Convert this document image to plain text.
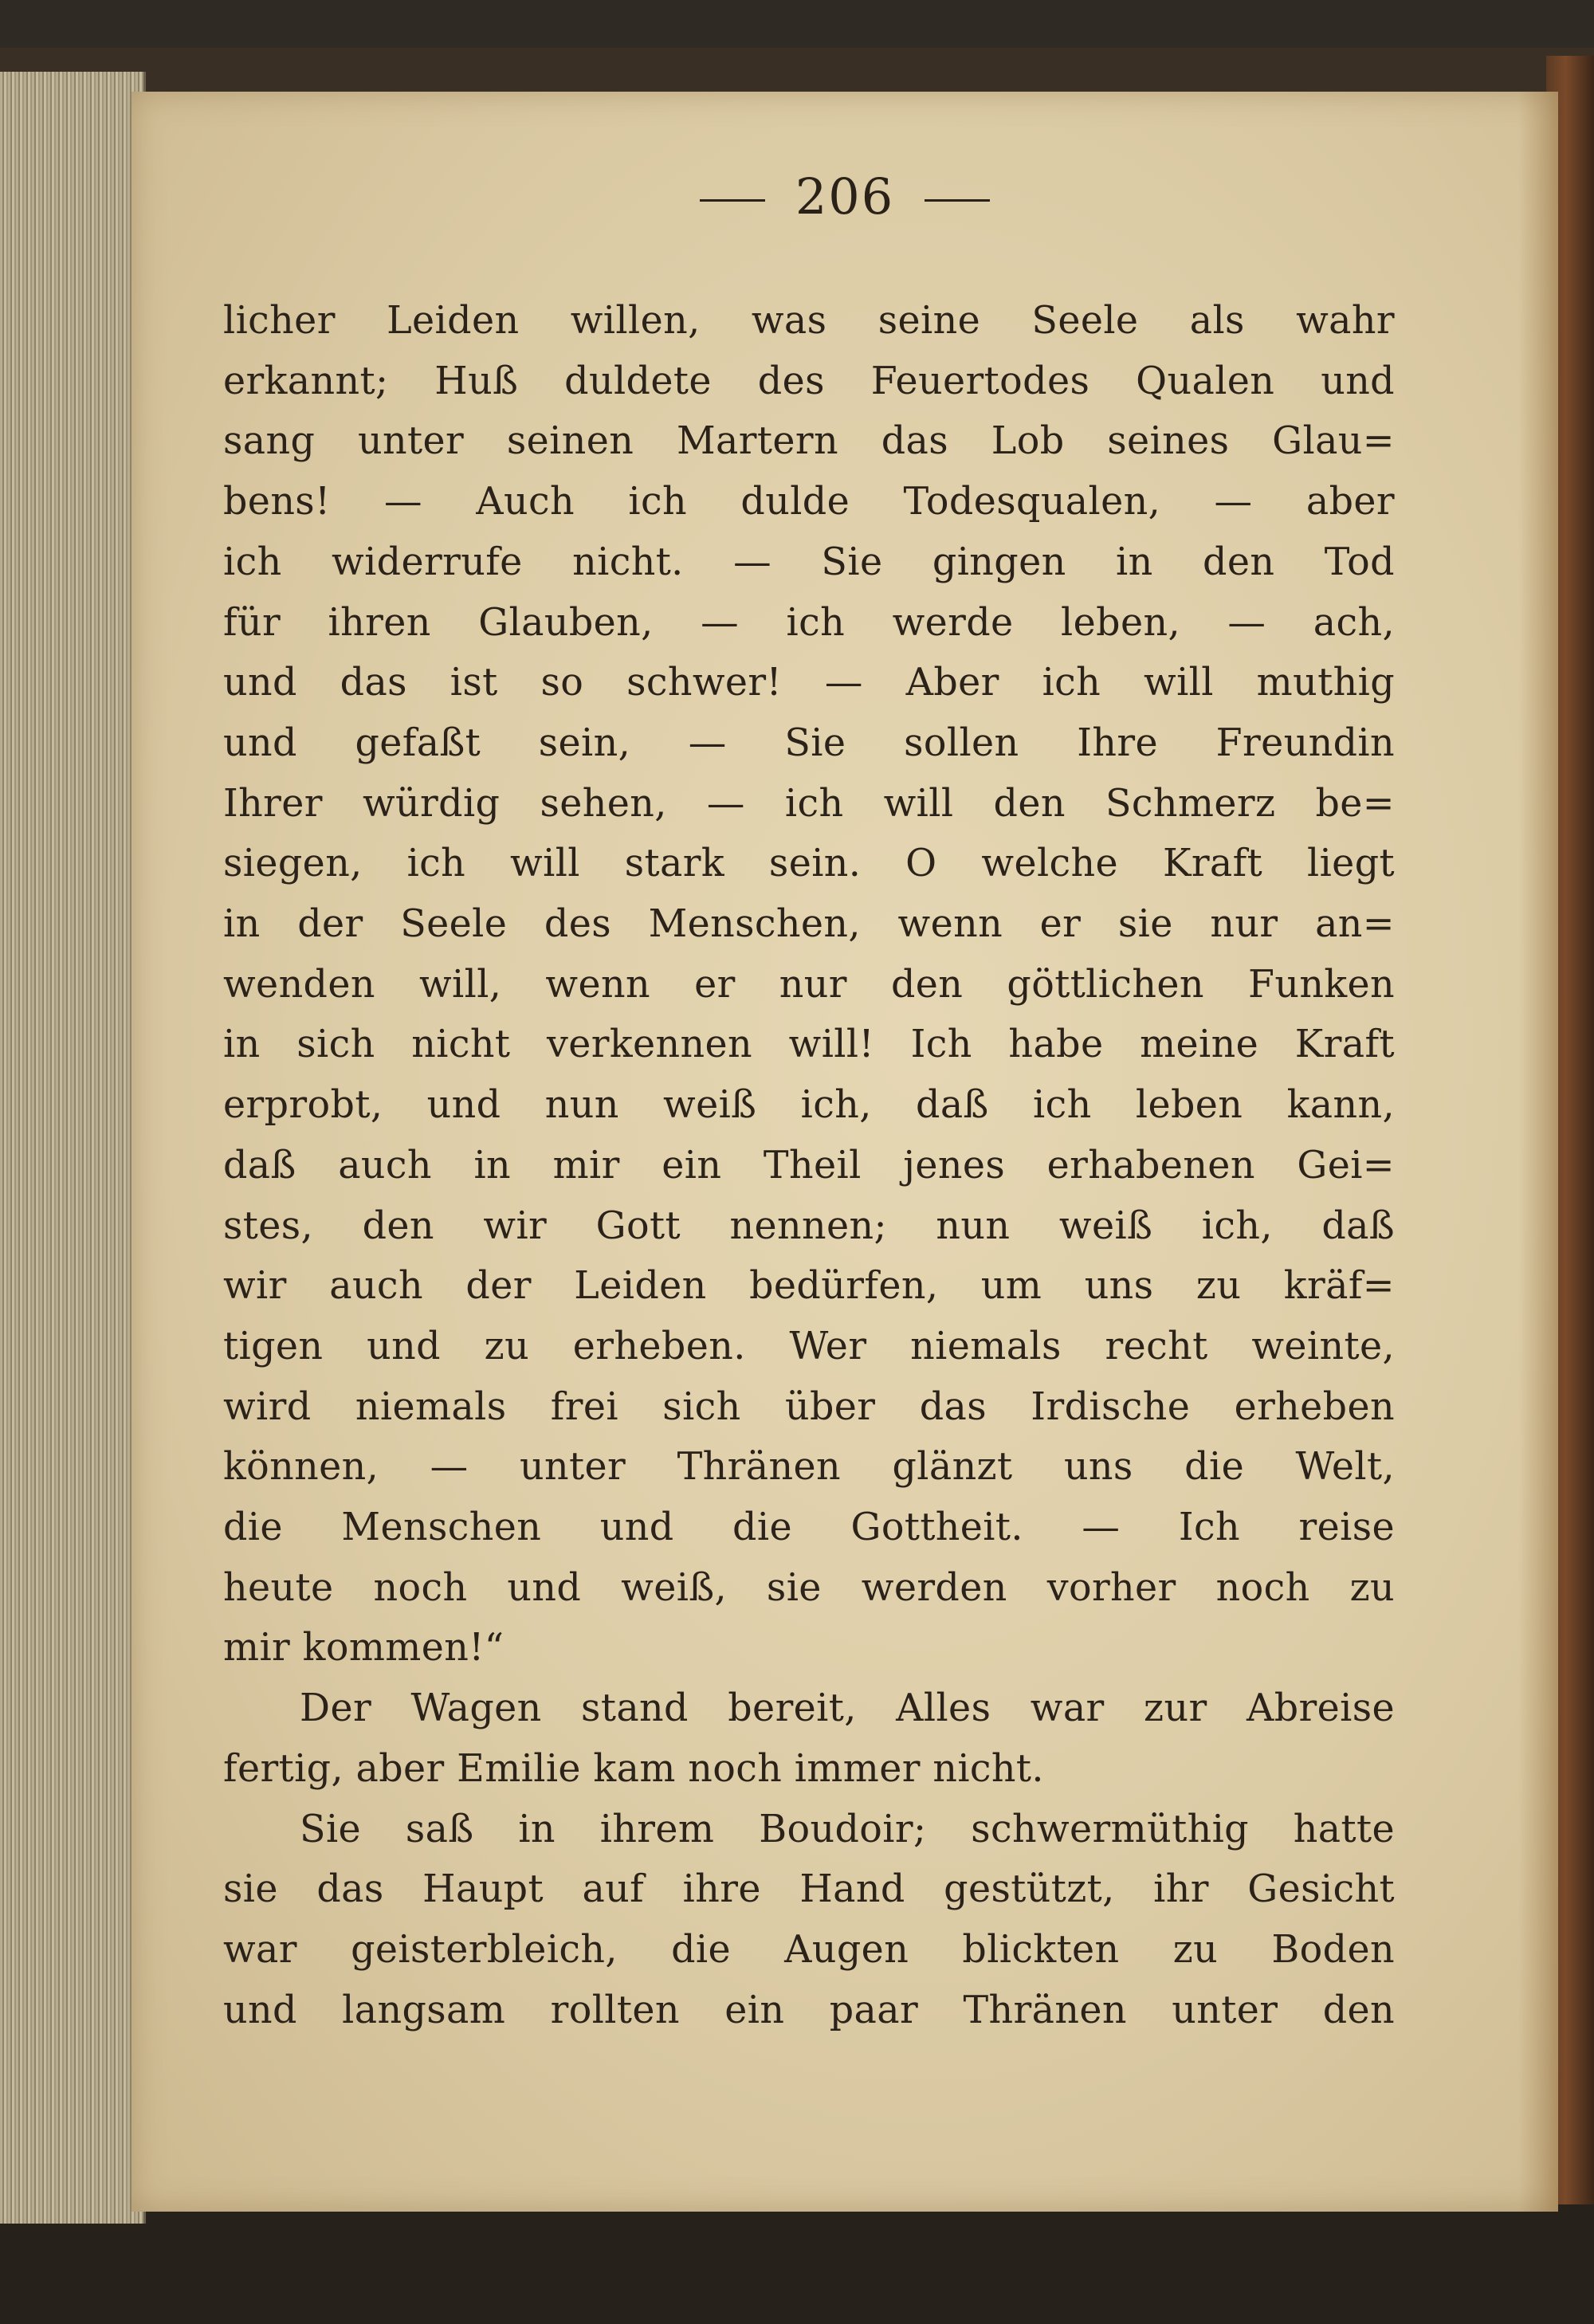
206
licher Leiden willen, was seine Seele als wahr
erkannt; Huß duldete des Feuertodes Qualen und
sang unter seinen Martern das Lob seines Glau=
bens! — Auch ich dulde Todesqualen, — aber
ich widerrufe nicht. — Sie gingen in den Tod
für ihren Glauben, — ich werde leben, — ach,
und das ist so schwer! — Aber ich will muthig
und gefaßt sein, — Sie sollen Ihre Freundin
Ihrer würdig sehen, — ich will den Schmerz be=
siegen, ich will stark sein. O welche Kraft liegt
in der Seele des Menschen, wenn er sie nur an=
wenden will, wenn er nur den göttlichen Funken
in sich nicht verkennen will! Ich habe meine Kraft
erprobt, und nun weiß ich, daß ich leben kann,
daß auch in mir ein Theil jenes erhabenen Gei=
stes, den wir Gott nennen; nun weiß ich, daß
wir auch der Leiden bedürfen, um uns zu kräf=
tigen und zu erheben. Wer niemals recht weinte,
wird niemals frei sich über das Irdische erheben
können, — unter Thränen glänzt uns die Welt,
die Menschen und die Gottheit. — Ich reise
heute noch und weiß, sie werden vorher noch zu
mir kommen!“
Der Wagen stand bereit, Alles war zur Abreise
fertig, aber Emilie kam noch immer nicht.
Sie saß in ihrem Boudoir; schwermüthig hatte
sie das Haupt auf ihre Hand gestützt, ihr Gesicht
war geisterbleich, die Augen blickten zu Boden
und langsam rollten ein paar Thränen unter den
